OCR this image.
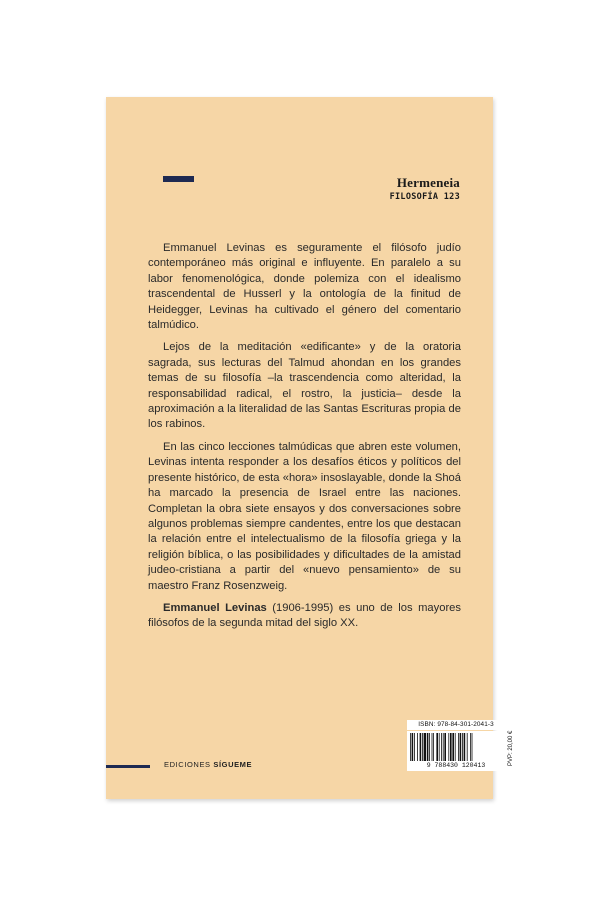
Hermeneia
FILOSOFÍA 123

Emmanuel Levinas es seguramente el filósofo judío contemporáneo más original e influyente. En paralelo a su labor fenomenológica, donde polemiza con el idealismo trascendental de Husserl y la ontología de la finitud de Heidegger, Levinas ha cultivado el género del comentario talmúdico.

Lejos de la meditación «edificante» y de la oratoria sagrada, sus lecturas del Talmud ahondan en los grandes temas de su filosofía –la trascendencia como alteridad, la responsabilidad radical, el rostro, la justicia– desde la aproximación a la literalidad de las Santas Escrituras propia de los rabinos.

En las cinco lecciones talmúdicas que abren este volumen, Levinas intenta responder a los desafíos éticos y políticos del presente histórico, de esta «hora» insoslayable, donde la Shoá ha marcado la presencia de Israel entre las naciones. Completan la obra siete ensayos y dos conversaciones sobre algunos problemas siempre candentes, entre los que destacan la relación entre el intelectualismo de la filosofía griega y la religión bíblica, o las posibilidades y dificultades de la amistad judeo-cristiana a partir del «nuevo pensamiento» de su maestro Franz Rosenzweig.

Emmanuel Levinas (1906-1995) es uno de los mayores filósofos de la segunda mitad del siglo XX.

EDICIONES SÍGUEME
ISBN: 978-84-301-2041-3
9 788430 120413	PVP: 20,00 €
